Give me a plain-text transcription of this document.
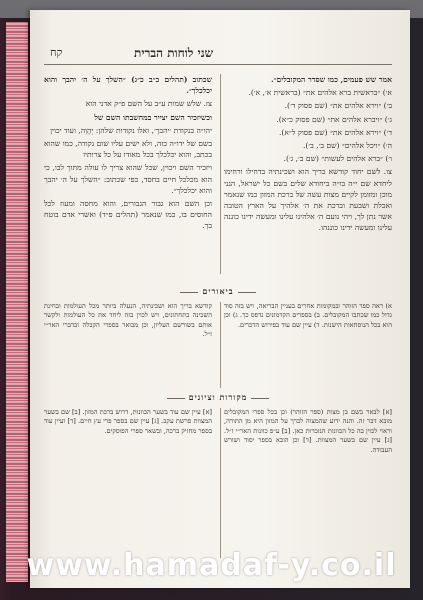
שני לוחות הברית
קח

אמר שש פעמים, כמו שסדר המקובלים״.

א׳) ״בראשית ברא אלהים את״ (בראשית א׳, א׳).

ב׳) ״וירא אלהים את״ (שם פסוק ד׳).

ג׳) ״ויברא אלהים את״ (שם פסוק כ״א).

ד׳) ״וירא אלהים את״ (שם פסוק ל״א).

ה׳) ״ויכל אלהים״ (שם ב׳, ב׳).

ו׳) ״ברא אלהים לעשות״ (שם ב׳, ג׳).

צו. לשם יחוד קודשא בריך הוא ושכינתיה בדחילו ורחימו ליחדא שם י״ה בו״ה ביחודא שלים בשם כל ישראל, הנני מוכן ומזומן לקיים מצות עשה של ברכת המזון כמו שנאמר ואכלת ושבעת וברכת את ה׳ אלהיך על הארץ הטובה אשר נתן לך, ויהי נועם ה׳ אלהינו עלינו ומעשה ידינו כוננה עלינו ומעשה ידינו כוננהו.

שכתוב (תהלים כ״ב כ״ג) ״השלך על ה׳ יהבך והוא יכלכלך״.

צז. שלש שמות ע״ב על השם פ״ק אדני הוא

וכשיזכיר השם יצייר במחשבתו השם של

יהו״ה בנקודת ׳יהבך׳, ואלו נקודות שלהן: יְהָוְה, ועוד יכוין

בשם של ידו״ה כזה, ולא ישים עליו שום נקודה, כמו שהוא בכתב, והוא יכלכלך בכל מאודו על כל צרותיו

ויזכיר השם ויכוין, שכל שהוא צריך לו עולה מתוך לבו, כי הוא מכלכל חיים בחסד, כפי שכתוב: ״השלך על ה׳ יהבך והוא יכלכלך״.

וכן השם הוא גבור הגבורים, והוא מחסה ומעוז לכל החוסים בו, כמו שנאמר (תהלים פ״ד) ואשרי אדם בוטח בך.

ביאורים
א) ראה ספר הזוהר ובמקומות אחרים בעניין הבריאה, ויש בזה סוד גדול כמו שכתבו המקובלים. ב) בספרים הקדמונים נדפס כך. ג) וכן הוא בכל הנוסחאות הישנות. ד) עיין שם עוד בפירוש הדברים.
קודשא בריך הוא ושכינתיה, הנעלה ביותר מכל העולמות ובחינת השכינה בתחתונים, ויש לכוין בזה ליחד את כל העולמות ולקשר אותם בשורשם העליון, וכן מבואר בספרי הקבלה ובדברי האר״י ז״ל.
מקורות וציונים
[א] לבאר בשם בן מצות (ספר הזוהר) וכן בכל ספרי המקובלים מובא דבר זה. והנה ידוע שהמצוה לברך על המזון היא מן התורה, וראוי לכוין בה כל הכוונות הנזכרות כאן. [ב] ע״פ כוונות האר״י ז״ל. [ג] עיין שם בשער המצוות. [ד] וכן הובא בספר יסוד ושורש העבודה.
[א] עיין שם עוד בשער הכוונות, דרוש ברכת המזון. [ב] שם בשער המצוות פרשת עקב. [ג] עיין שם בספר פרי עץ חיים. [ד] ועיין עוד בספר מחזיק ברכה, ובשאר ספרי הפוסקים.
www.hamadaf-y.co.il
